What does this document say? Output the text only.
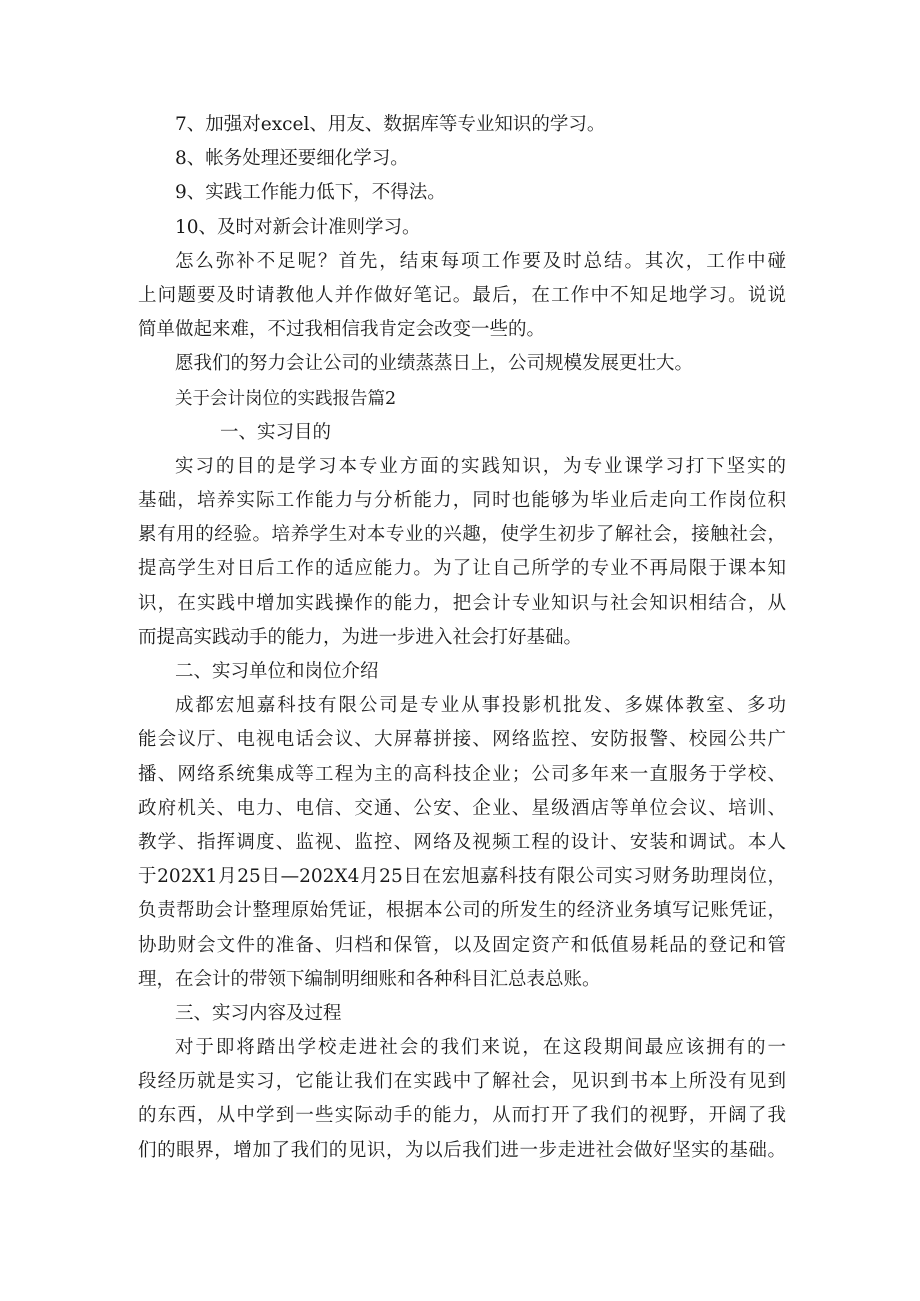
7、加强对excel、用友、数据库等专业知识的学习。
8、帐务处理还要细化学习。
9、实践工作能力低下，不得法。
10、及时对新会计准则学习。
怎么弥补不足呢？首先，结束每项工作要及时总结。其次，工作中碰
上问题要及时请教他人并作做好笔记。最后，在工作中不知足地学习。说说
简单做起来难，不过我相信我肯定会改变一些的。
愿我们的努力会让公司的业绩蒸蒸日上，公司规模发展更壮大。
关于会计岗位的实践报告篇2
一、实习目的
实习的目的是学习本专业方面的实践知识，为专业课学习打下坚实的
基础，培养实际工作能力与分析能力，同时也能够为毕业后走向工作岗位积
累有用的经验。培养学生对本专业的兴趣，使学生初步了解社会，接触社会，
提高学生对日后工作的适应能力。为了让自己所学的专业不再局限于课本知
识，在实践中增加实践操作的能力，把会计专业知识与社会知识相结合，从
而提高实践动手的能力，为进一步进入社会打好基础。
二、实习单位和岗位介绍
成都宏旭嘉科技有限公司是专业从事投影机批发、多媒体教室、多功
能会议厅、电视电话会议、大屏幕拼接、网络监控、安防报警、校园公共广
播、网络系统集成等工程为主的高科技企业；公司多年来一直服务于学校、
政府机关、电力、电信、交通、公安、企业、星级酒店等单位会议、培训、
教学、指挥调度、监视、监控、网络及视频工程的设计、安装和调试。本人
于202X1月25日—202X4月25日在宏旭嘉科技有限公司实习财务助理岗位，
负责帮助会计整理原始凭证，根据本公司的所发生的经济业务填写记账凭证，
协助财会文件的准备、归档和保管，以及固定资产和低值易耗品的登记和管
理，在会计的带领下编制明细账和各种科目汇总表总账。
三、实习内容及过程
对于即将踏出学校走进社会的我们来说，在这段期间最应该拥有的一
段经历就是实习，它能让我们在实践中了解社会，见识到书本上所没有见到
的东西，从中学到一些实际动手的能力，从而打开了我们的视野，开阔了我
们的眼界，增加了我们的见识，为以后我们进一步走进社会做好坚实的基础。
